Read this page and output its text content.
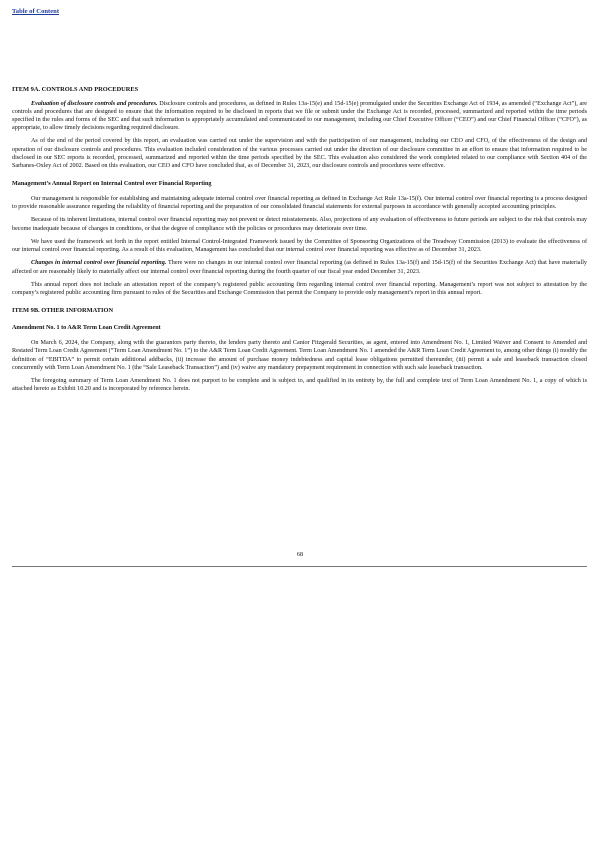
Table of Content
ITEM 9A. CONTROLS AND PROCEDURES

Evaluation of disclosure controls and procedures. Disclosure controls and procedures, as defined in Rules 13a-15(e) and 15d-15(e) promulgated under the Securities Exchange Act of 1934, as amended (“Exchange Act”), are controls and procedures that are designed to ensure that the information required to be disclosed in reports that we file or submit under the Exchange Act is recorded, processed, summarized and reported within the time periods specified in the rules and forms of the SEC and that such information is appropriately accumulated and communicated to our management, including our Chief Executive Officer (“CEO”) and our Chief Financial Officer (“CFO”), as appropriate, to allow timely decisions regarding required disclosure.

As of the end of the period covered by this report, an evaluation was carried out under the supervision and with the participation of our management, including our CEO and CFO, of the effectiveness of the design and operation of our disclosure controls and procedures. This evaluation included consideration of the various processes carried out under the direction of our disclosure committee in an effort to ensure that information required to be disclosed in our SEC reports is recorded, processed, summarized and reported within the time periods specified by the SEC. This evaluation also considered the work completed related to our compliance with Section 404 of the Sarbanes-Oxley Act of 2002. Based on this evaluation, our CEO and CFO have concluded that, as of December 31, 2023, our disclosure controls and procedures were effective.

Management’s Annual Report on Internal Control over Financial Reporting

Our management is responsible for establishing and maintaining adequate internal control over financial reporting as defined in Exchange Act Rule 13a-15(f). Our internal control over financial reporting is a process designed to provide reasonable assurance regarding the reliability of financial reporting and the preparation of our consolidated financial statements for external purposes in accordance with generally accepted accounting principles.

Because of its inherent limitations, internal control over financial reporting may not prevent or detect misstatements. Also, projections of any evaluation of effectiveness to future periods are subject to the risk that controls may become inadequate because of changes in conditions, or that the degree of compliance with the policies or procedures may deteriorate over time.

We have used the framework set forth in the report entitled Internal Control-Integrated Framework issued by the Committee of Sponsoring Organizations of the Treadway Commission (2013) to evaluate the effectiveness of our internal control over financial reporting. As a result of this evaluation, Management has concluded that our internal control over financial reporting was effective as of December 31, 2023.

Changes in internal control over financial reporting. There were no changes in our internal control over financial reporting (as defined in Rules 13a-15(f) and 15d-15(f) of the Securities Exchange Act) that have materially affected or are reasonably likely to materially affect our internal control over financial reporting during the fourth quarter of our fiscal year ended December 31, 2023.

This annual report does not include an attestation report of the company’s registered public accounting firm regarding internal control over financial reporting. Management’s report was not subject to attestation by the company’s registered public accounting firm pursuant to rules of the Securities and Exchange Commission that permit the Company to provide only management’s report in this annual report.

ITEM 9B. OTHER INFORMATION

Amendment No. 1 to A&R Term Loan Credit Agreement

On March 6, 2024, the Company, along with the guarantors party thereto, the lenders party thereto and Cantor Fitzgerald Securities, as agent, entered into Amendment No. 1, Limited Waiver and Consent to Amended and Restated Term Loan Credit Agreement (“Term Loan Amendment No. 1”) to the A&R Term Loan Credit Agreement. Term Loan Amendment No. 1 amended the A&R Term Loan Credit Agreement to, among other things (i) modify the definition of “EBITDA” to permit certain additional addbacks, (ii) increase the amount of purchase money indebtedness and capital lease obligations permitted thereunder, (iii) permit a sale and leaseback transaction closed concurrently with Term Loan Amendment No. 1 (the “Sale Leaseback Transaction”) and (iv) waive any mandatory prepayment requirement in connection with such sale leaseback transaction.

The foregoing summary of Term Loan Amendment No. 1 does not purport to be complete and is subject to, and qualified in its entirety by, the full and complete text of Term Loan Amendment No. 1, a copy of which is attached hereto as Exhibit 10.20 and is incorporated by reference herein.

68
